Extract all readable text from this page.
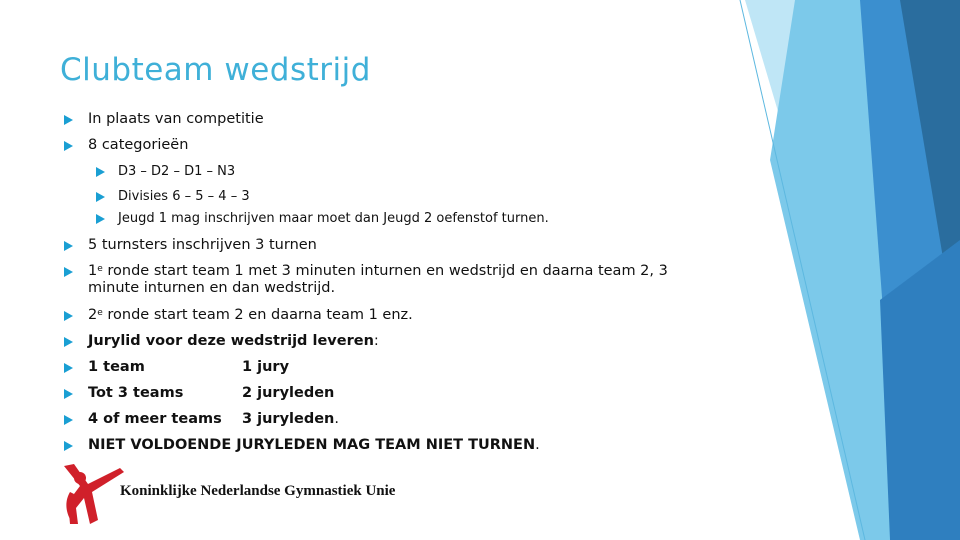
Clubteam wedstrijd
In plaats van competitie
8 categorieën
D3 – D2 – D1 – N3
Divisies 6 – 5 – 4 – 3
Jeugd 1 mag inschrijven maar moet dan Jeugd 2 oefenstof turnen.
5 turnsters inschrijven 3 turnen
1e ronde start team 1 met 3 minuten inturnen en wedstrijd en daarna team 2, 3
minute inturnen en dan wedstrijd.
2e ronde start team 2 en daarna team 1 enz.
Jurylid voor deze wedstrijd leveren:
1 team	1 jury
Tot 3 teams	2 juryleden
4 of meer teams 3 juryleden.
NIET VOLDOENDE JURYLEDEN MAG TEAM NIET TURNEN.
Koninklijke Nederlandse Gymnastiek Unie
